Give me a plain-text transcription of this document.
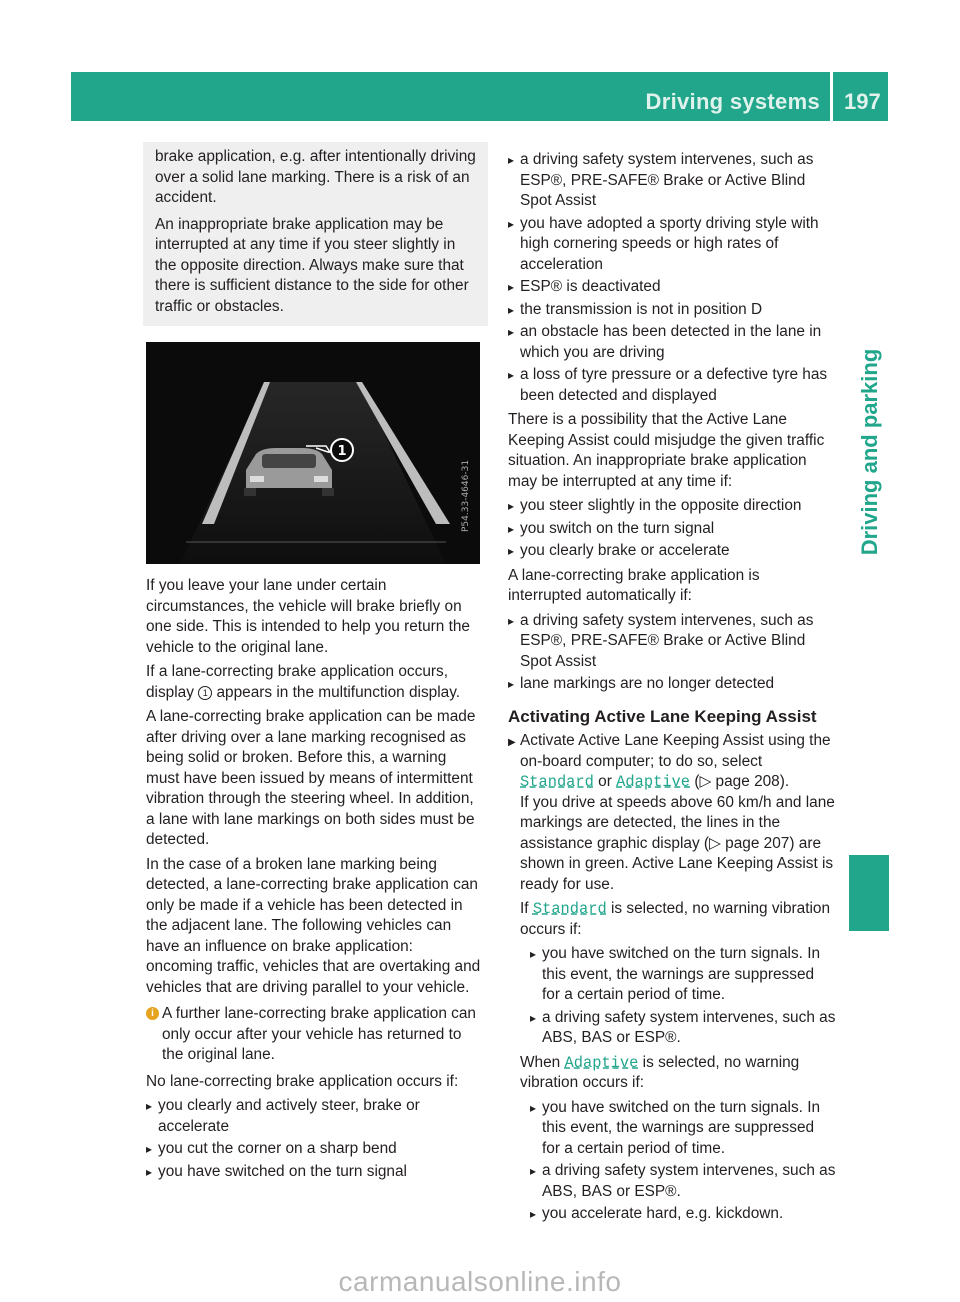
Driving systems 197
Driving and parking

brake application, e.g. after intentionally driving over a solid lane marking. There is a risk of an accident.

An inappropriate brake application may be interrupted at any time if you steer slightly in the opposite direction. Always make sure that there is sufficient distance to the side for other traffic or obstacles.

1
P54.33-4646-31

If you leave your lane under certain circumstances, the vehicle will brake briefly on one side. This is intended to help you return the vehicle to the original lane.

If a lane-correcting brake application occurs, display 1 appears in the multifunction display.

A lane-correcting brake application can be made after driving over a lane marking recognised as being solid or broken. Before this, a warning must have been issued by means of intermittent vibration through the steering wheel. In addition, a lane with lane markings on both sides must be detected.

In the case of a broken lane marking being detected, a lane-correcting brake application can only be made if a vehicle has been detected in the adjacent lane. The following vehicles can have an influence on brake application: oncoming traffic, vehicles that are overtaking and vehicles that are driving parallel to your vehicle.

i A further lane-correcting brake application can only occur after your vehicle has returned to the original lane.

No lane-correcting brake application occurs if:

▸ you clearly and actively steer, brake or accelerate
▸ you cut the corner on a sharp bend
▸ you have switched on the turn signal
▸ a driving safety system intervenes, such as ESP®, PRE-SAFE® Brake or Active Blind Spot Assist
▸ you have adopted a sporty driving style with high cornering speeds or high rates of acceleration
▸ ESP® is deactivated
▸ the transmission is not in position D
▸ an obstacle has been detected in the lane in which you are driving
▸ a loss of tyre pressure or a defective tyre has been detected and displayed

There is a possibility that the Active Lane Keeping Assist could misjudge the given traffic situation. An inappropriate brake application may be interrupted at any time if:

▸ you steer slightly in the opposite direction
▸ you switch on the turn signal
▸ you clearly brake or accelerate

A lane-correcting brake application is interrupted automatically if:

▸ a driving safety system intervenes, such as ESP®, PRE-SAFE® Brake or Active Blind Spot Assist
▸ lane markings are no longer detected
Activating Active Lane Keeping Assist
▶ Activate Active Lane Keeping Assist using the on-board computer; to do so, select Standard or Adaptive (▷ page 208).

If you drive at speeds above 60 km/h and lane markings are detected, the lines in the assistance graphic display (▷ page 207) are shown in green. Active Lane Keeping Assist is ready for use.

If Standard is selected, no warning vibration occurs if:

▸ you have switched on the turn signals. In this event, the warnings are suppressed for a certain period of time.
▸ a driving safety system intervenes, such as ABS, BAS or ESP®.

When Adaptive is selected, no warning vibration occurs if:

▸ you have switched on the turn signals. In this event, the warnings are suppressed for a certain period of time.
▸ a driving safety system intervenes, such as ABS, BAS or ESP®.
▸ you accelerate hard, e.g. kickdown.
carmanualsonline.info
